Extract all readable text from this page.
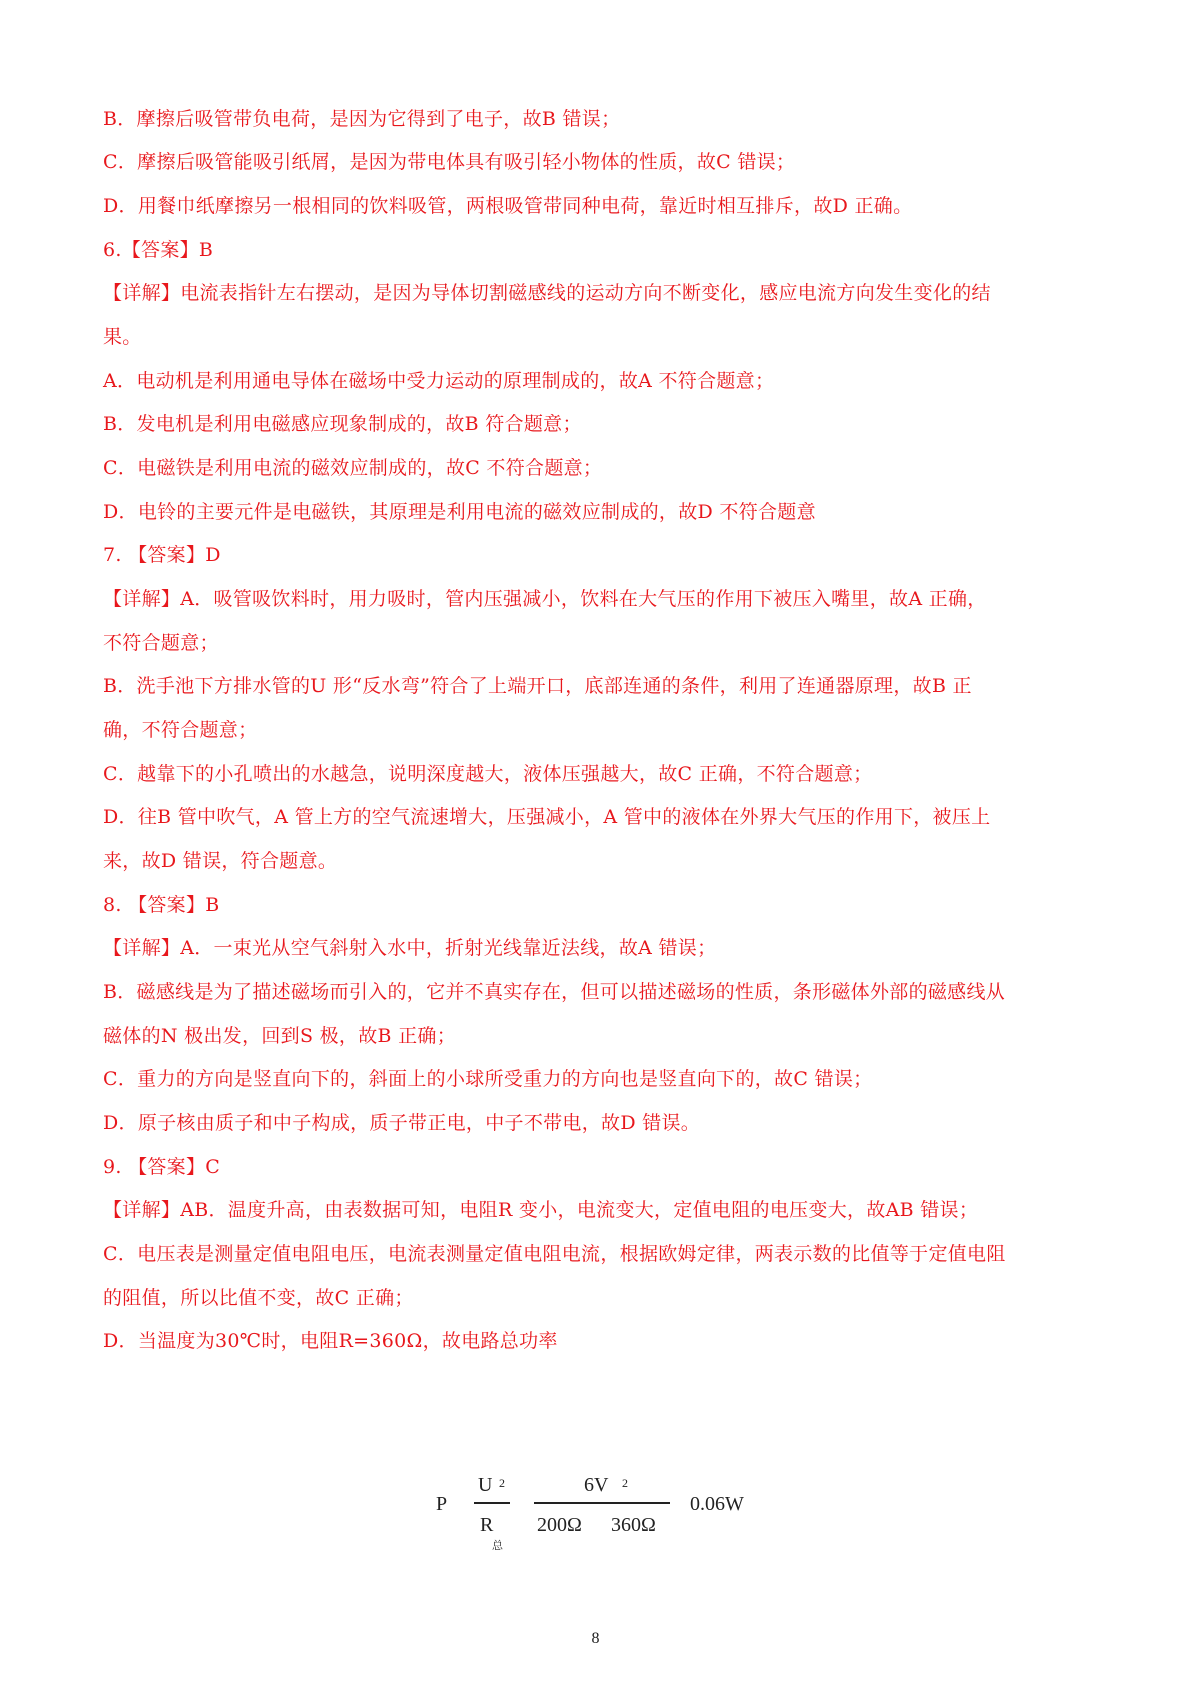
B．摩擦后吸管带负电荷，是因为它得到了电子，故B 错误；
C．摩擦后吸管能吸引纸屑，是因为带电体具有吸引轻小物体的性质，故C 错误；
D．用餐巾纸摩擦另一根相同的饮料吸管，两根吸管带同种电荷，靠近时相互排斥，故D 正确。
6.【答案】B
【详解】电流表指针左右摆动，是因为导体切割磁感线的运动方向不断变化，感应电流方向发生变化的结
果。
A．电动机是利用通电导体在磁场中受力运动的原理制成的，故A 不符合题意；
B．发电机是利用电磁感应现象制成的，故B 符合题意；
C．电磁铁是利用电流的磁效应制成的，故C 不符合题意；
D．电铃的主要元件是电磁铁，其原理是利用电流的磁效应制成的，故D 不符合题意
7. 【答案】D
【详解】A．吸管吸饮料时，用力吸时，管内压强减小，饮料在大气压的作用下被压入嘴里，故A 正确，
不符合题意；
B．洗手池下方排水管的U 形“反水弯”符合了上端开口，底部连通的条件，利用了连通器原理，故B 正
确，不符合题意；
C．越靠下的小孔喷出的水越急，说明深度越大，液体压强越大，故C 正确，不符合题意；
D．往B 管中吹气，A 管上方的空气流速增大，压强减小，A 管中的液体在外界大气压的作用下，被压上
来，故D 错误，符合题意。
8. 【答案】B
【详解】A．一束光从空气斜射入水中，折射光线靠近法线，故A 错误；
B．磁感线是为了描述磁场而引入的，它并不真实存在，但可以描述磁场的性质，条形磁体外部的磁感线从
磁体的N 极出发，回到S 极，故B 正确；
C．重力的方向是竖直向下的，斜面上的小球所受重力的方向也是竖直向下的，故C 错误；
D．原子核由质子和中子构成，质子带正电，中子不带电，故D 错误。
9. 【答案】C
【详解】AB．温度升高，由表数据可知，电阻R 变小，电流变大，定值电阻的电压变大，故AB 错误；
C．电压表是测量定值电阻电压，电流表测量定值电阻电流，根据欧姆定律，两表示数的比值等于定值电阻
的阻值，所以比值不变，故C 正确；
D．当温度为30℃时，电阻R=360Ω，故电路总功率
P
U 2
R
总
6V 2
200Ω 360Ω
0.06W
8
